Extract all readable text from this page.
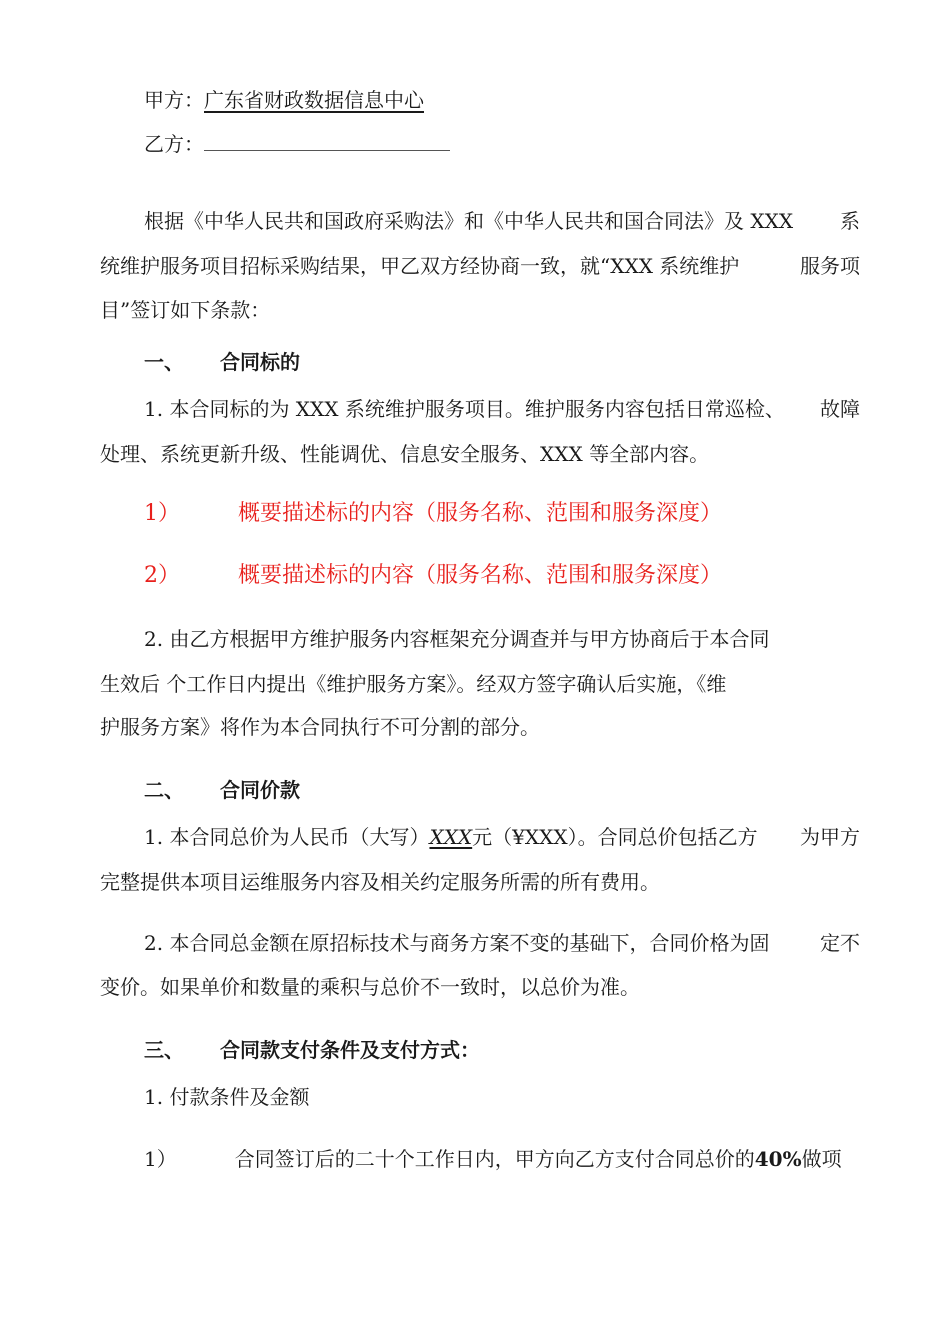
甲方：广东省财政数据信息中心
乙方：
根据《中华人民共和国政府采购法》和《中华人民共和国合同法》及 XXX 系
统维护服务项目招标采购结果，甲乙双方经协商一致，就“XXX 系统维护	服务项
目”签订如下条款：
一、 合同标的
1. 本合同标的为 XXX 系统维护服务项目。维护服务内容包括日常巡检、 故障
处理、系统更新升级、性能调优、信息安全服务、XXX 等全部内容。
1）	概要描述标的内容（服务名称、范围和服务深度）
2）	概要描述标的内容（服务名称、范围和服务深度）
2. 由乙方根据甲方维护服务内容框架充分调查并与甲方协商后于本合同
生效后 个工作日内提出《维护服务方案》。经双方签字确认后实施，《维
护服务方案》将作为本合同执行不可分割的部分。
二、 合同价款
1. 本合同总价为人民币（大写）XXX元（¥XXX）。合同总价包括乙方 为甲方
完整提供本项目运维服务内容及相关约定服务所需的所有费用。
2. 本合同总金额在原招标技术与商务方案不变的基础下，合同价格为固	定不
变价。如果单价和数量的乘积与总价不一致时，以总价为准。
三、 合同款支付条件及支付方式：
1. 付款条件及金额
1）	合同签订后的二十个工作日内，甲方向乙方支付合同总价的40%做项
